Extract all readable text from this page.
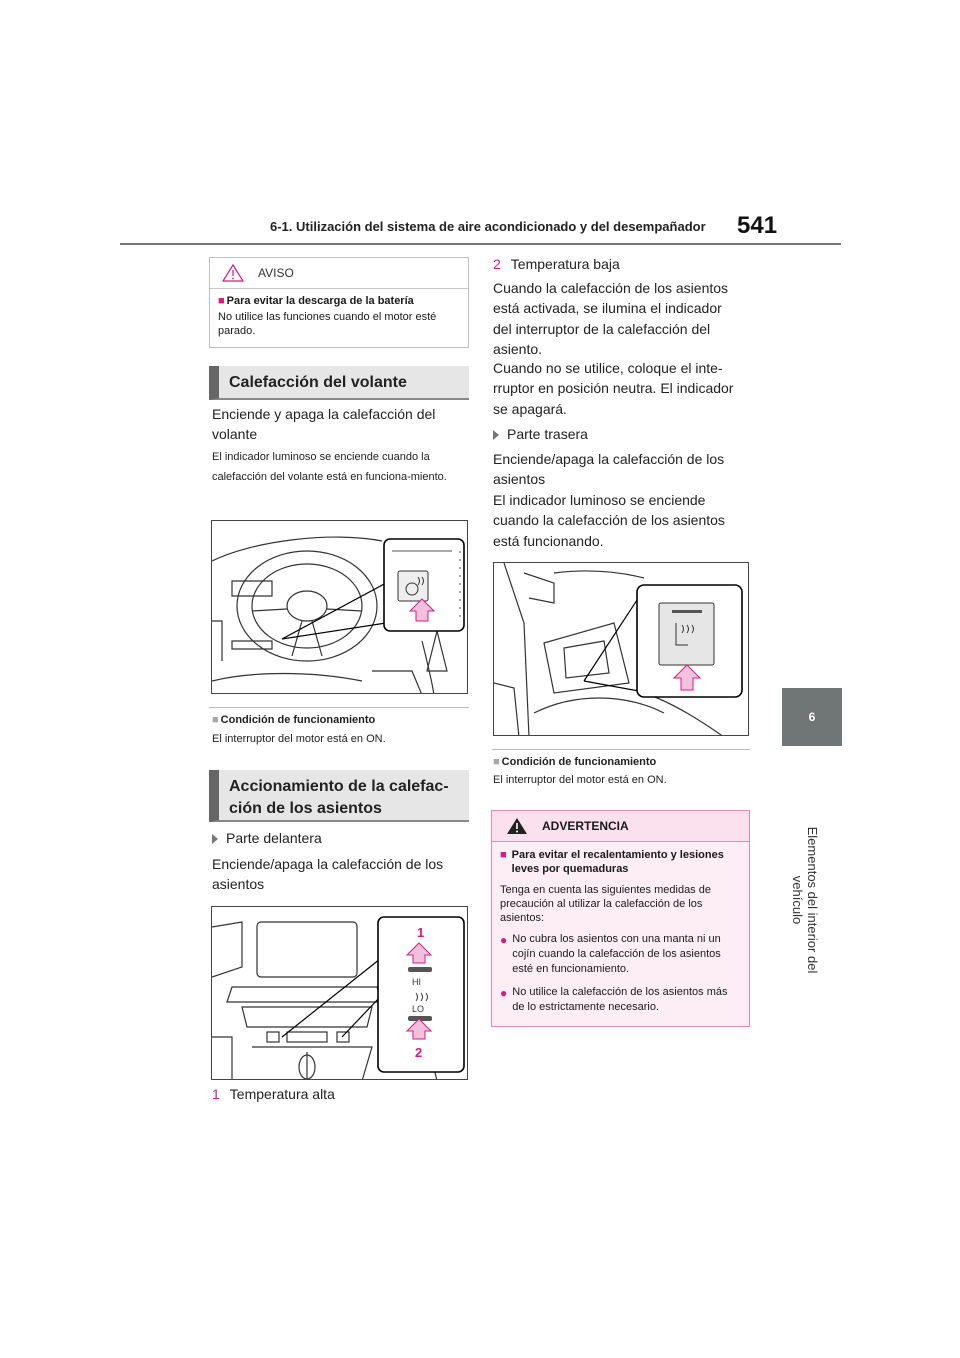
6-1. Utilización del sistema de aire acondicionado y del desempañador 541
6
Elementos del interior del vehículo
AVISO
■ Para evitar la descarga de la batería
No utilice las funciones cuando el motor esté parado.
Calefacción del volante
Enciende y apaga la calefacción del volante
El indicador luminoso se enciende cuando la calefacción del volante está en funciona-miento.
■ Condición de funcionamiento
El interruptor del motor está en ON.
Accionamiento de la calefac-ción de los asientos
Parte delantera
Enciende/apaga la calefacción de los asientos
1
HI
LO
2
1 Temperatura alta
2 Temperatura baja
Cuando la calefacción de los asientos está activada, se ilumina el indicador del interruptor de la calefacción del asiento.
Cuando no se utilice, coloque el inte-rruptor en posición neutra. El indicador se apagará.
Parte trasera
Enciende/apaga la calefacción de los asientos
El indicador luminoso se enciende cuando la calefacción de los asientos está funcionando.
■ Condición de funcionamiento
El interruptor del motor está en ON.
ADVERTENCIA
■ Para evitar el recalentamiento y lesiones leves por quemaduras
Tenga en cuenta las siguientes medidas de precaución al utilizar la calefacción de los asientos:
● No cubra los asientos con una manta ni un cojín cuando la calefacción de los asientos esté en funcionamiento.
● No utilice la calefacción de los asientos más de lo estrictamente necesario.
